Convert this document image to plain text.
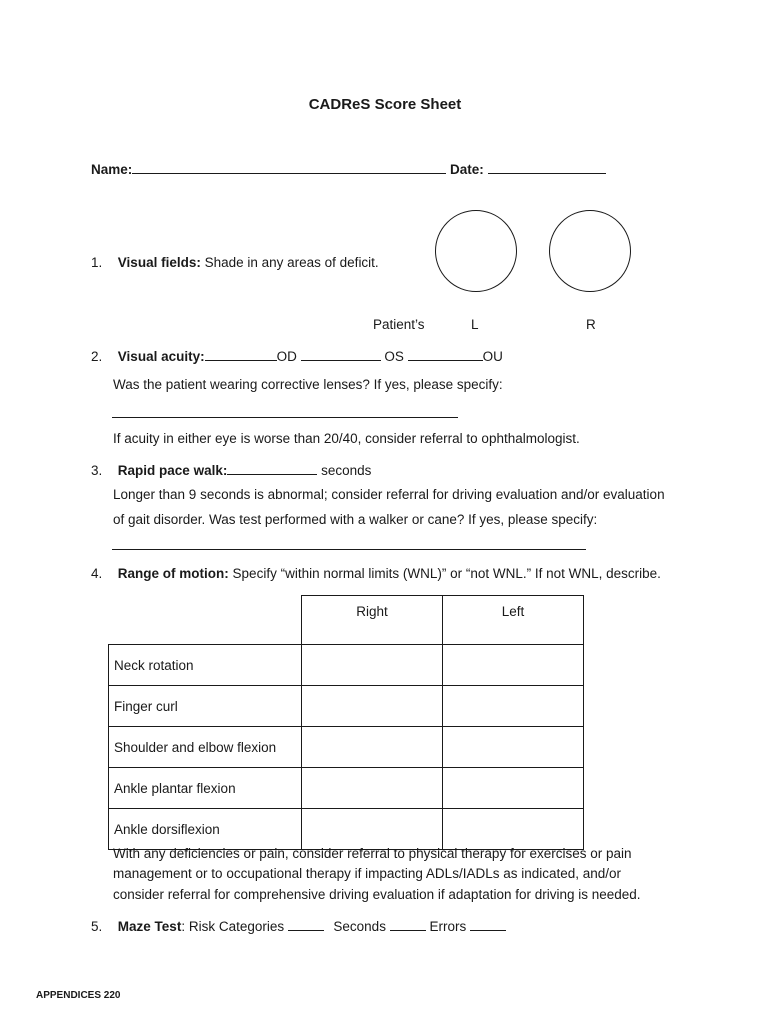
CADReS Score Sheet
Name:	Date:
1. Visual fields: Shade in any areas of deficit.
Patient’s	L	R
2. Visual acuity:	OD	OS	OU
Was the patient wearing corrective lenses? If yes, please specify:
If acuity in either eye is worse than 20/40, consider referral to ophthalmologist.
3. Rapid pace walk:	seconds
Longer than 9 seconds is abnormal; consider referral for driving evaluation and/or evaluation
of gait disorder. Was test performed with a walker or cane? If yes, please specify:
4. Range of motion: Specify “within normal limits (WNL)” or “not WNL.” If not WNL, describe.
	Right	Left
Neck rotation		
Finger curl		
Shoulder and elbow flexion		
Ankle plantar flexion		
Ankle dorsiflexion		
With any deficiencies or pain, consider referral to physical therapy for exercises or pain
management or to occupational therapy if impacting ADLs/IADLs as indicated, and/or
consider referral for comprehensive driving evaluation if adaptation for driving is needed.
5. Maze Test: Risk Categories	Seconds	Errors
APPENDICES 220
